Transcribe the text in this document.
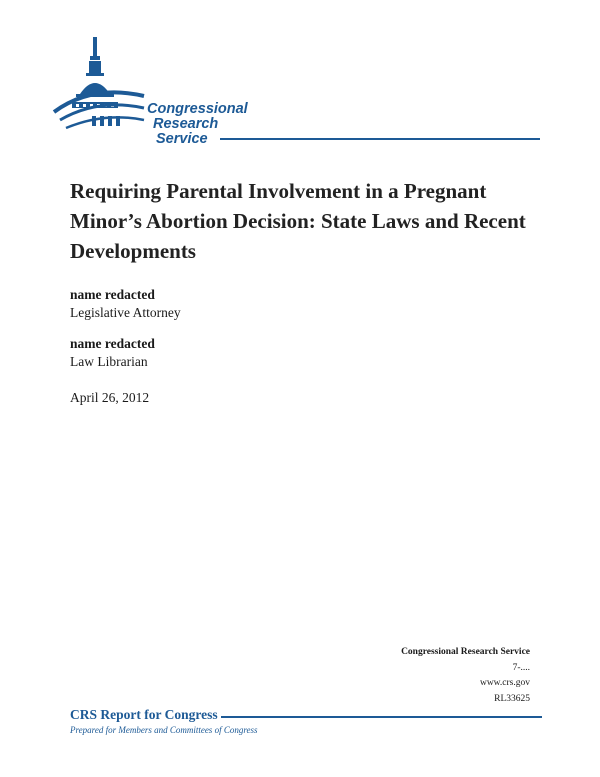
Congressional
Research
Service
Requiring Parental Involvement in a Pregnant Minor’s Abortion Decision: State Laws and Recent Developments
name redacted
Legislative Attorney
name redacted
Law Librarian
April 26, 2012
Congressional Research Service
7-....
www.crs.gov
RL33625
CRS Report for Congress
Prepared for Members and Committees of Congress
